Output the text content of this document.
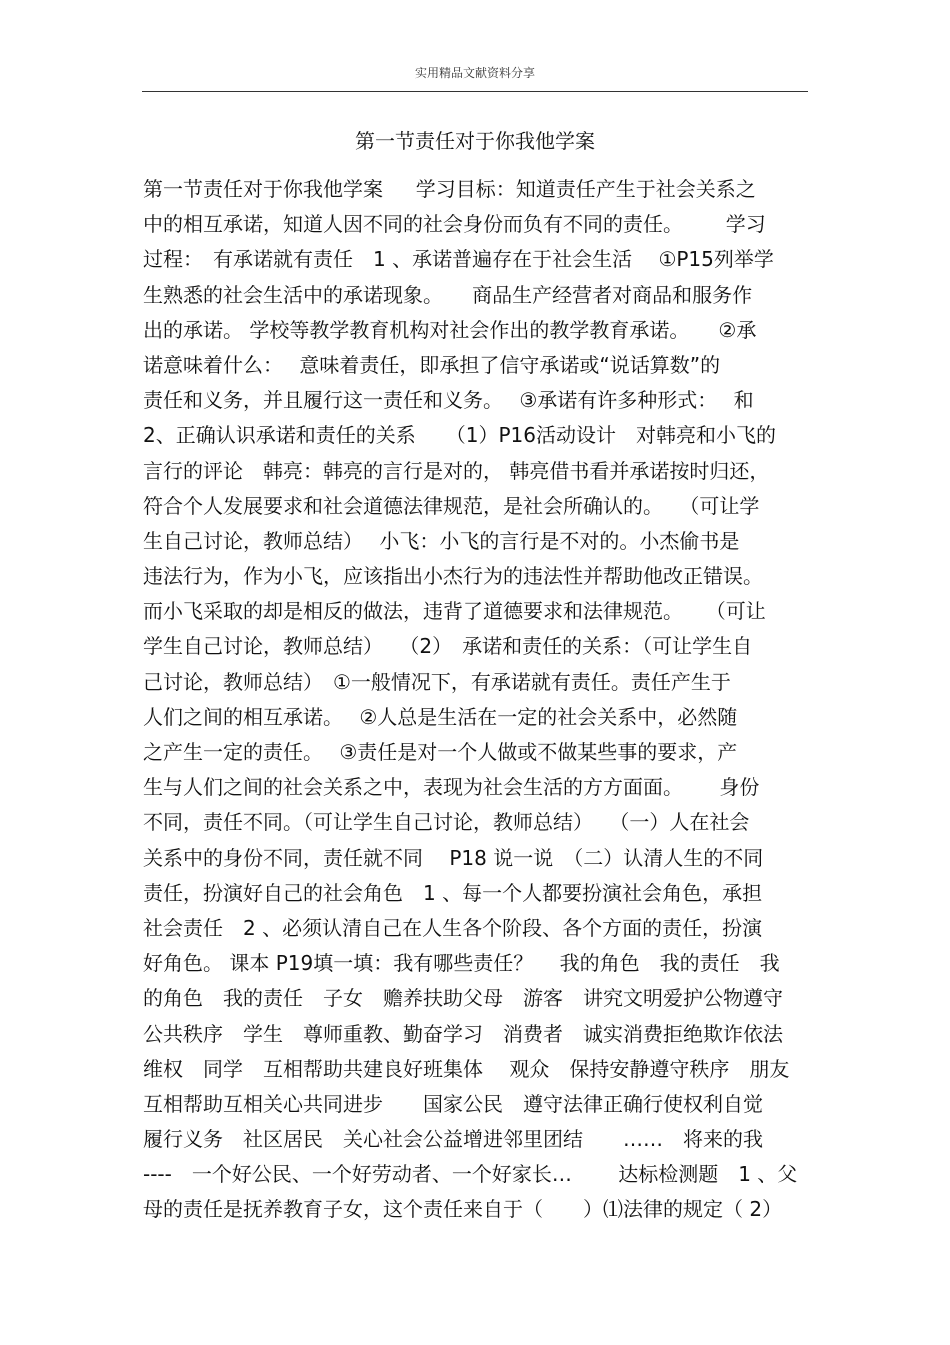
实用精品文献资料分享
第一节责任对于你我他学案
第一节责任对于你我他学案　  学习目标：知道责任产生于社会关系之
中的相互承诺，知道人因不同的社会身份而负有不同的责任。　 　 学习
过程：　有承诺就有责任　1 、承诺普遍存在于社会生活　 ①P15列举学
生熟悉的社会生活中的承诺现象。　   商品生产经营者对商品和服务作
出的承诺。 学校等教学教育机构对社会作出的教学教育承诺。　   ②承
诺意味着什么：　 意味着责任，即承担了信守承诺或“说话算数”的
责任和义务，并且履行这一责任和义务。　 ③承诺有许多种形式：　 和
2、正确认识承诺和责任的关系　　（1）P16活动设计　对韩亮和小飞的
言行的评论　韩亮：韩亮的言行是对的， 韩亮借书看并承诺按时归还，
符合个人发展要求和社会道德法律规范，是社会所确认的。　 （可让学
生自己讨论，教师总结）　 小飞：小飞的言行是不对的。小杰偷书是
违法行为，作为小飞，应该指出小杰行为的违法性并帮助他改正错误。
而小飞采取的却是相反的做法，违背了道德要求和法律规范。　  （可让
学生自己讨论，教师总结）　 （2）　承诺和责任的关系：（可让学生自
己讨论，教师总结）　①一般情况下，有承诺就有责任。责任产生于
人们之间的相互承诺。　 ②人总是生活在一定的社会关系中，必然随
之产生一定的责任。　 ③责任是对一个人做或不做某些事的要求，产
生与人们之间的社会关系之中，表现为社会生活的方方面面。　 　身份
不同，责任不同。（可让学生自己讨论，教师总结）　 （一）人在社会
关系中的身份不同，责任就不同　 P18 说一说　（二）认清人生的不同
责任，扮演好自己的社会角色　1 、每一个人都要扮演社会角色，承担
社会责任　2 、必须认清自己在人生各个阶段、各个方面的责任，扮演
好角色。 课本 P19填一填：我有哪些责任？　 我的角色　我的责任　我
的角色　我的责任　子女　赡养扶助父母　游客　讲究文明爱护公物遵守
公共秩序　学生　尊师重教、勤奋学习　消费者　诚实消费拒绝欺诈依法
维权　同学　互相帮助共建良好班集体　 观众　保持安静遵守秩序　朋友
互相帮助互相关心共同进步　　国家公民　遵守法律正确行使权利自觉
履行义务　社区居民　关心社会公益增进邻里团结　　……　将来的我
----　一个好公民、一个好劳动者、一个好家长…　 　达标检测题　1 、父
母的责任是抚养教育子女，这个责任来自于（　　）⑴法律的规定（ 2）
